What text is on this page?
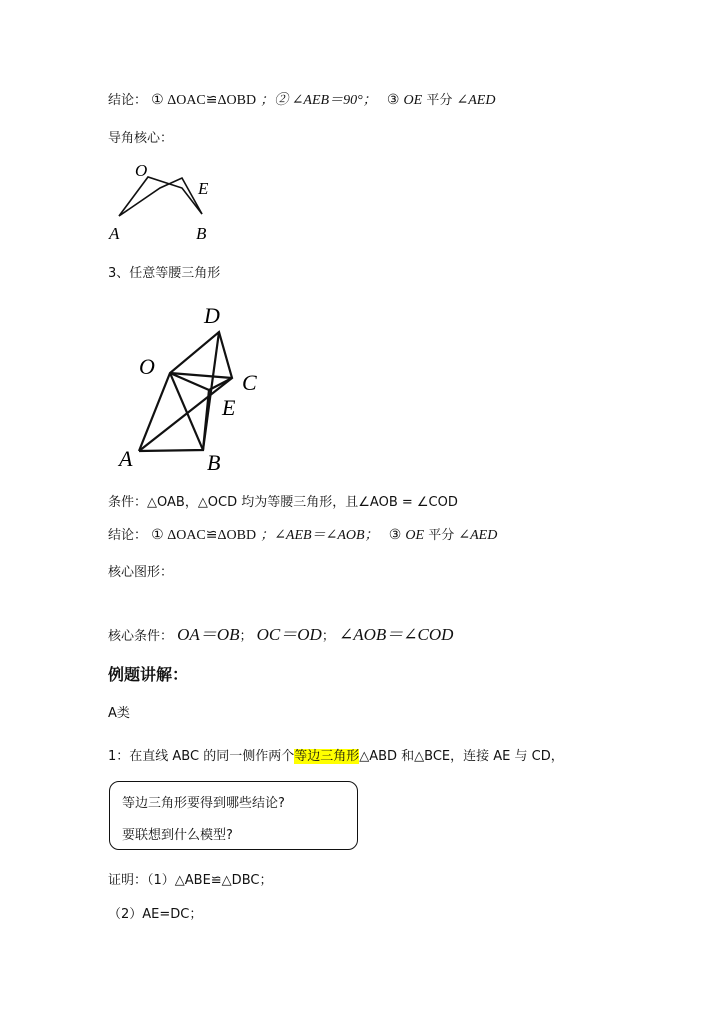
结论： ① ΔOAC≌ΔOBD ；② ∠AEB＝90°； ③ OE 平分 ∠AED
导角核心：
O
E
A	B
3、任意等腰三角形
D
O
C
E
A	B
条件：△OAB，△OCD 均为等腰三角形，且∠AOB = ∠COD
结论： ① ΔOAC≌ΔOBD ；∠AEB＝∠AOB； ③ OE 平分 ∠AED
核心图形：
核心条件： OA＝OB； OC＝OD； ∠AOB＝∠COD
例题讲解：
A类
1：在直线 ABC 的同一侧作两个等边三角形△ABD 和△BCE，连接 AE 与 CD，
等边三角形要得到哪些结论?
要联想到什么模型?
证明：（1）△ABE≌△DBC；
（2）AE=DC；
